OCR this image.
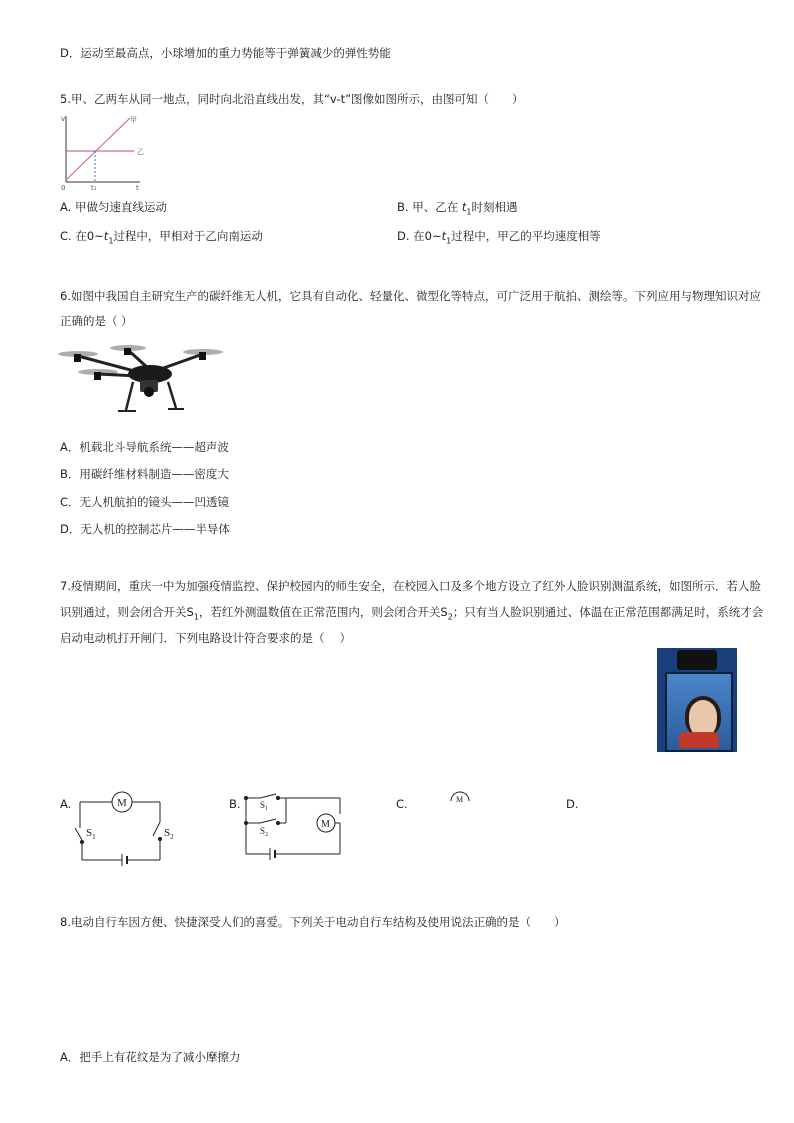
D．运动至最高点，小球增加的重力势能等于弹簧减少的弹性势能
5.甲、乙两车从同一地点，同时向北沿直线出发，其“v-t”图像如图所示，由图可知（　　）
v	甲
乙
0	t₁	t
A. 甲做匀速直线运动	B. 甲、乙在 $t_1$时刻相遇
C. 在$0\sim t_1$过程中，甲相对于乙向南运动	D. 在$0\sim t_1$过程中，甲乙的平均速度相等
6.如图中我国自主研究生产的碳纤维无人机，它具有自动化、轻量化、微型化等特点，可广泛用于航拍、测绘等。下列应用与物理知识对应
正确的是（ ）
A．机载北斗导航系统——超声波
B．用碳纤维材料制造——密度大
C．无人机航拍的镜头——凹透镜
D．无人机的控制芯片——半导体
7.疫情期间，重庆一中为加强疫情监控、保护校园内的师生安全，在校园入口及多个地方设立了红外人脸识别测温系统，如图所示．若人脸
识别通过，则会闭合开关$S_1$，若红外测温数值在正常范围内，则会闭合开关$S_2$；只有当人脸识别通过、体温在正常范围都满足时，系统才会
启动电动机打开闸门．下列电路设计符合要求的是（　 ）
A.	B.	C.	D.
M
$S_1$	$S_2$
M
$S_1$
$S_2$
M
8.电动自行车因方便、快捷深受人们的喜爱。下列关于电动自行车结构及使用说法正确的是（　　）
A．把手上有花纹是为了减小摩擦力
